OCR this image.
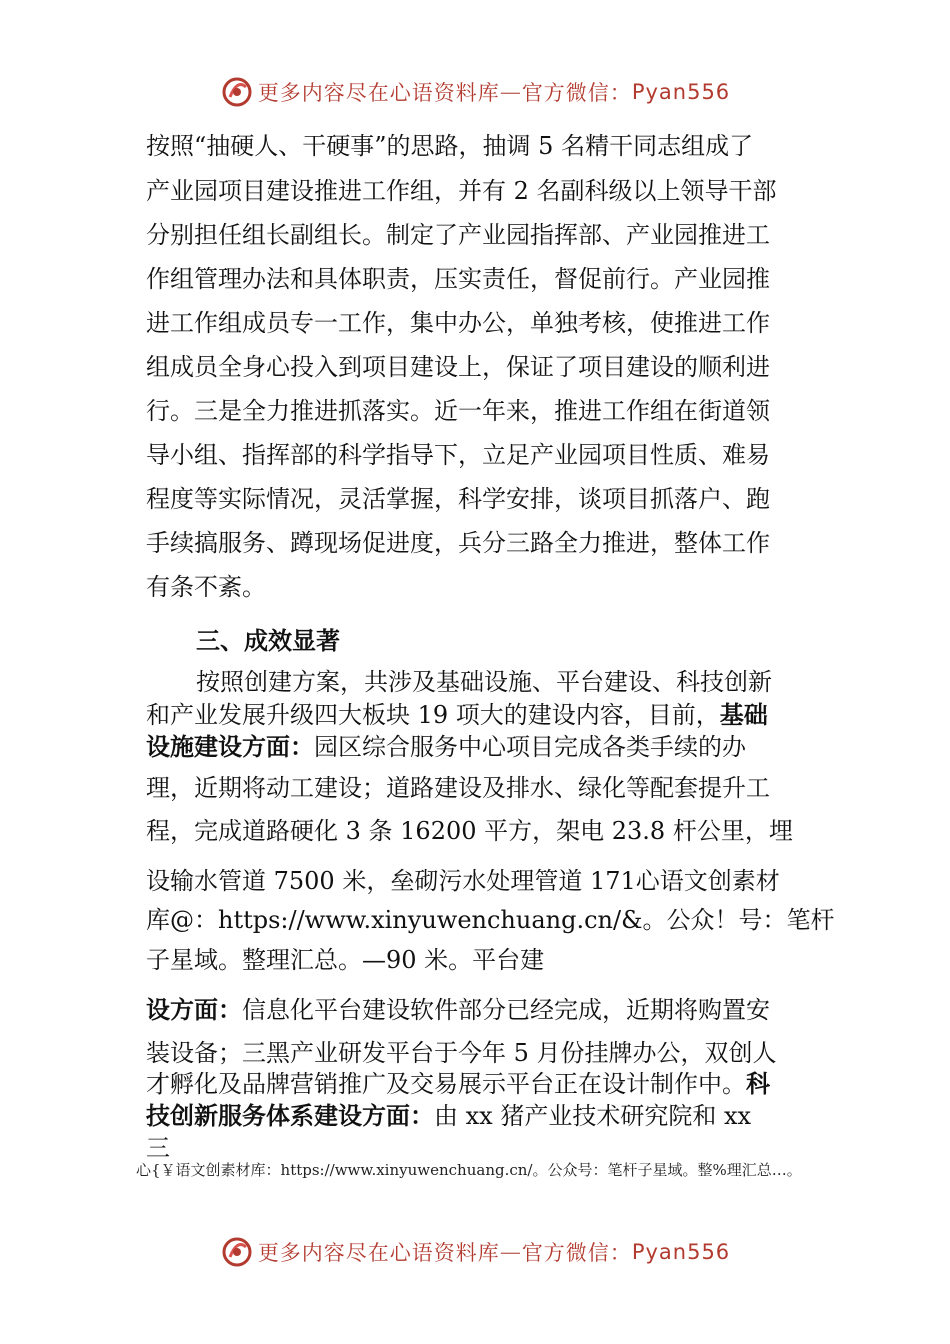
更多内容尽在心语资料库 — 官方微信： Pyan556
按照“抽硬人、干硬事”的思路，抽调 5 名精干同志组成了
产业园项目建设推进工作组，并有 2 名副科级以上领导干部
分别担任组长副组长。制定了产业园指挥部、产业园推进工
作组管理办法和具体职责，压实责任，督促前行。产业园推
进工作组成员专一工作，集中办公，单独考核，使推进工作
组成员全身心投入到项目建设上，保证了项目建设的顺利进
行。三是全力推进抓落实。近一年来，推进工作组在街道领
导小组、指挥部的科学指导下，立足产业园项目性质、难易
程度等实际情况，灵活掌握，科学安排，谈项目抓落户、跑
手续搞服务、蹲现场促进度，兵分三路全力推进，整体工作
有条不紊。
三、成效显著
按照创建方案，共涉及基础设施、平台建设、科技创新
和产业发展升级四大板块 19 项大的建设内容，目前，基础
设施建设方面：园区综合服务中心项目完成各类手续的办
理，近期将动工建设；道路建设及排水、绿化等配套提升工
程，完成道路硬化 3 条 16200 平方，架电 23.8 杆公里，埋
设输水管道 7500 米，垒砌污水处理管道 171心语文创素材
库@：https://www.xinyuwenchuang.cn/&。公众！号：笔杆
子星域。整理汇总。—90 米。平台建
设方面：信息化平台建设软件部分已经完成，近期将购置安
装设备；三黑产业研发平台于今年 5 月份挂牌办公，双创人
才孵化及品牌营销推广及交易展示平台正在设计制作中。科
技创新服务体系建设方面：由 xx 猪产业技术研究院和 xx
三
心{￥语文创素材库：https://www.xinyuwenchuang.cn/。公众号：笔杆子星域。整%理汇总…。
更多内容尽在心语资料库 — 官方微信： Pyan556
